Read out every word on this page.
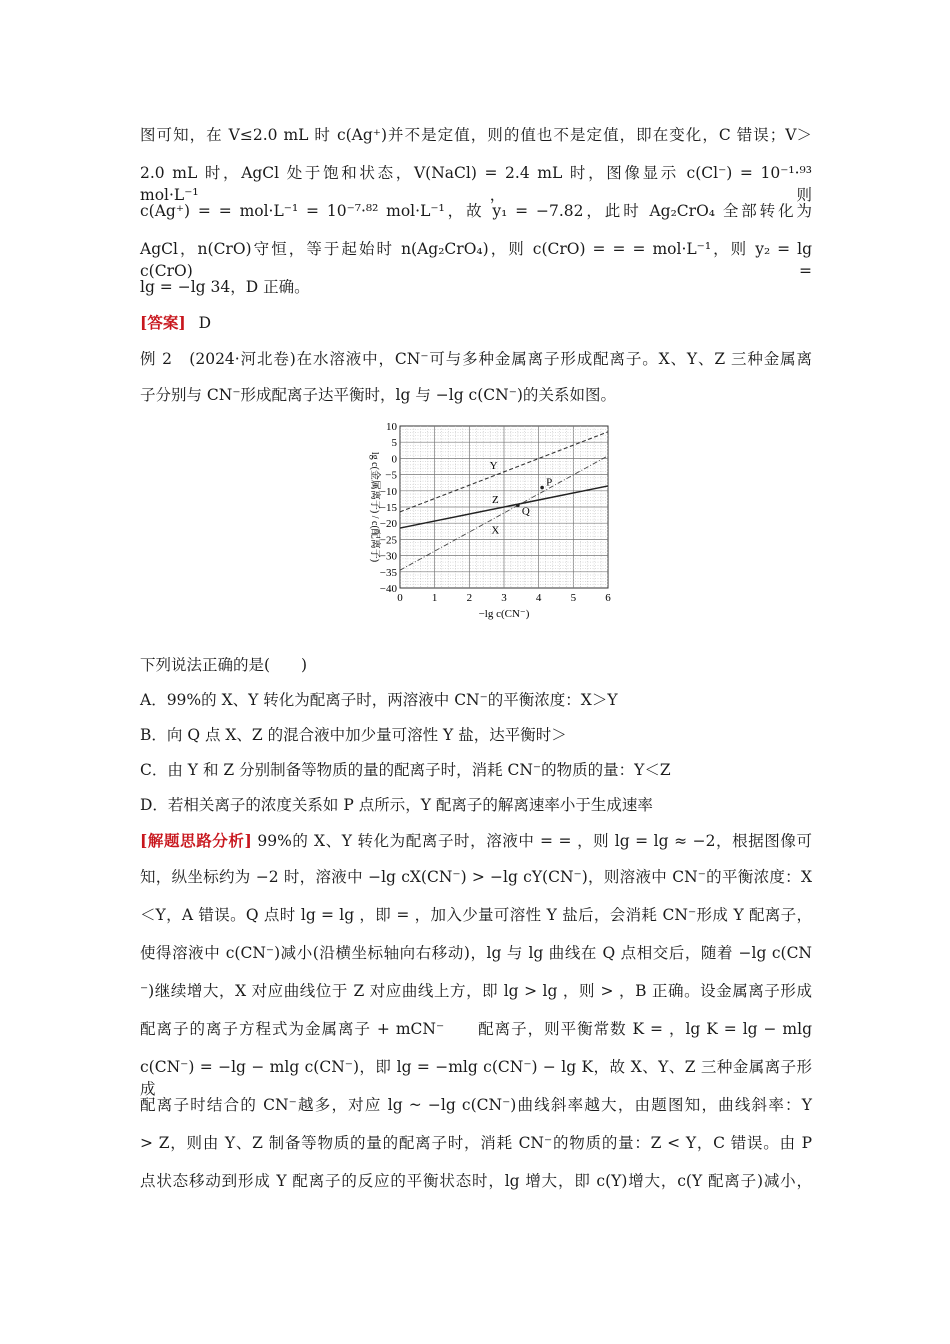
图可知，在 V≤2.0 mL 时 c(Ag⁺)并不是定值，则的值也不是定值，即在变化，C 错误；V＞
2.0 mL 时，AgCl 处于饱和状态，V(NaCl) = 2.4 mL 时，图像显示 c(Cl⁻) = 10⁻¹·⁹³ mol·L⁻¹，则
c(Ag⁺) = = mol·L⁻¹ = 10⁻⁷·⁸² mol·L⁻¹，故 y₁ = −7.82，此时 Ag₂CrO₄ 全部转化为
AgCl，n(CrO)守恒，等于起始时 n(Ag₂CrO₄)，则 c(CrO) = = = mol·L⁻¹，则 y₂ = lg c(CrO) =
lg = −lg 34，D 正确。
[答案] D
例 2　(2024·河北卷)在水溶液中，CN⁻可与多种金属离子形成配离子。X、Y、Z 三种金属离
子分别与 CN⁻形成配离子达平衡时，lg 与 −lg c(CN⁻)的关系如图。
0	1	2	3	4	5	6
10
5
0
−5
−10
−15
−20
−25
−30
−35
−40
Y
Z
X
P
Q
−lg c(CN⁻)
lg c(金属离子) / c(配离子)
下列说法正确的是(　　)
A．99%的 X、Y 转化为配离子时，两溶液中 CN⁻的平衡浓度：X＞Y
B．向 Q 点 X、Z 的混合液中加少量可溶性 Y 盐，达平衡时＞
C．由 Y 和 Z 分别制备等物质的量的配离子时，消耗 CN⁻的物质的量：Y＜Z
D．若相关离子的浓度关系如 P 点所示，Y 配离子的解离速率小于生成速率
[解题思路分析] 99%的 X、Y 转化为配离子时，溶液中 = = ，则 lg = lg ≈ −2，根据图像可
知，纵坐标约为 −2 时，溶液中 −lg cX(CN⁻) > −lg cY(CN⁻)，则溶液中 CN⁻的平衡浓度：X
＜Y，A 错误。Q 点时 lg = lg ，即 = ，加入少量可溶性 Y 盐后，会消耗 CN⁻形成 Y 配离子，
使得溶液中 c(CN⁻)减小(沿横坐标轴向右移动)，lg 与 lg 曲线在 Q 点相交后，随着 −lg c(CN
⁻)继续增大，X 对应曲线位于 Z 对应曲线上方，即 lg > lg ，则 > ，B 正确。设金属离子形成
配离子的离子方程式为金属离子 + mCN⁻　　配离子，则平衡常数 K = ，lg K = lg − mlg
c(CN⁻) = −lg − mlg c(CN⁻)，即 lg = −mlg c(CN⁻) − lg K，故 X、Y、Z 三种金属离子形成
配离子时结合的 CN⁻越多，对应 lg ~ −lg c(CN⁻)曲线斜率越大，由题图知，曲线斜率：Y
> Z，则由 Y、Z 制备等物质的量的配离子时，消耗 CN⁻的物质的量：Z < Y，C 错误。由 P
点状态移动到形成 Y 配离子的反应的平衡状态时，lg 增大，即 c(Y)增大，c(Y 配离子)减小，
